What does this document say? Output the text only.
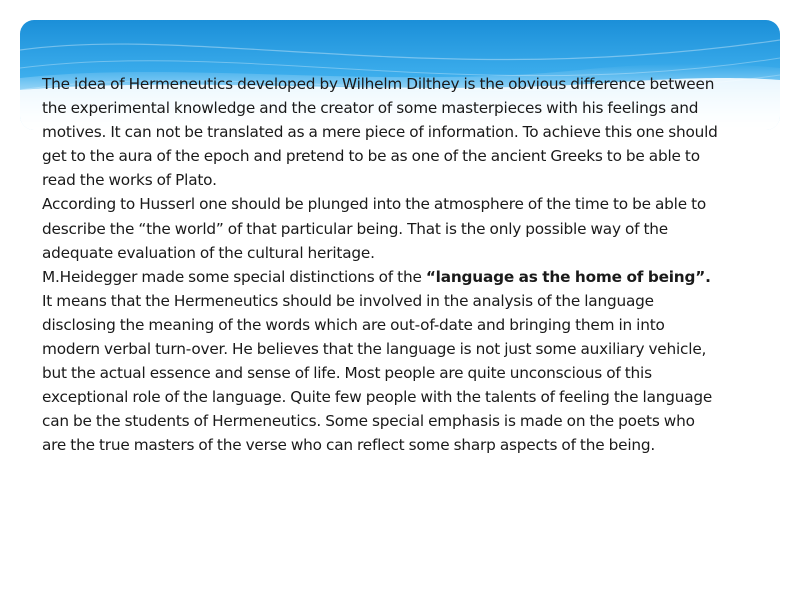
The idea of Hermeneutics developed by Wilhelm Dilthey is the obvious difference between the experimental knowledge and the creator of some masterpieces with his feelings and motives. It can not be translated as a mere piece of information. To achieve this one should get to the aura of the epoch and pretend to be as one of the ancient Greeks to be able to read the works of Plato.

According to Husserl one should be plunged into the atmosphere of the time to be able to describe the “the world” of that particular being. That is the only possible way of the adequate evaluation of the cultural heritage.

M.Heidegger made some special distinctions of the “language as the home of being”. It means that the Hermeneutics should be involved in the analysis of the language disclosing the meaning of the words which are out-of-date and bringing them in into modern verbal turn-over. He believes that the language is not just some auxiliary vehicle, but the actual essence and sense of life. Most people are quite unconscious of this exceptional role of the language. Quite few people with the talents of feeling the language can be the students of Hermeneutics. Some special emphasis is made on the poets who are the true masters of the verse who can reflect some sharp aspects of the being.
